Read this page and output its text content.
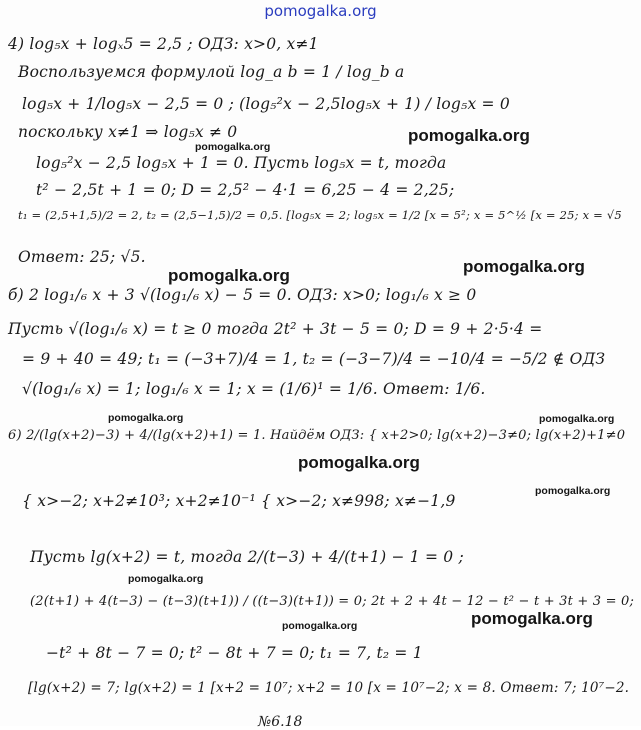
pomogalka.org
4) log₅x + logₓ5 = 2,5 ; ОДЗ: x>0, x≠1
Воспользуемся формулой log_a b = 1 / log_b a
log₅x + 1/log₅x − 2,5 = 0 ; (log₅²x − 2,5log₅x + 1) / log₅x = 0
поскольку x≠1 ⇒ log₅x ≠ 0
log₅²x − 2,5 log₅x + 1 = 0. Пусть log₅x = t, тогда
t² − 2,5t + 1 = 0; D = 2,5² − 4·1 = 6,25 − 4 = 2,25;
t₁ = (2,5+1,5)/2 = 2, t₂ = (2,5−1,5)/2 = 0,5. [log₅x = 2; log₅x = 1/2 [x = 5²; x = 5^½ [x = 25; x = √5
Ответ: 25; √5.
б) 2 log₁/₆ x + 3 √(log₁/₆ x) − 5 = 0. ОДЗ: x>0; log₁/₆ x ≥ 0
Пусть √(log₁/₆ x) = t ≥ 0 тогда 2t² + 3t − 5 = 0; D = 9 + 2·5·4 =
= 9 + 40 = 49; t₁ = (−3+7)/4 = 1, t₂ = (−3−7)/4 = −10/4 = −5/2 ∉ ОДЗ
√(log₁/₆ x) = 1; log₁/₆ x = 1; x = (1/6)¹ = 1/6. Ответ: 1/6.
6) 2/(lg(x+2)−3) + 4/(lg(x+2)+1) = 1. Найдём ОДЗ: { x+2>0; lg(x+2)−3≠0; lg(x+2)+1≠0
{ x>−2; x+2≠10³; x+2≠10⁻¹ { x>−2; x≠998; x≠−1,9
Пусть lg(x+2) = t, тогда 2/(t−3) + 4/(t+1) − 1 = 0 ;
(2(t+1) + 4(t−3) − (t−3)(t+1)) / ((t−3)(t+1)) = 0; 2t + 2 + 4t − 12 − t² − t + 3t + 3 = 0;
−t² + 8t − 7 = 0; t² − 8t + 7 = 0; t₁ = 7, t₂ = 1
[lg(x+2) = 7; lg(x+2) = 1 [x+2 = 10⁷; x+2 = 10 [x = 10⁷−2; x = 8. Ответ: 7; 10⁷−2.
№6.18
pomogalka.org
pomogalka.org
pomogalka.org	pomogalka.org
pomogalka.org	pomogalka.org
pomogalka.org
pomogalka.org
pomogalka.org
pomogalka.org
pomogalka.org
